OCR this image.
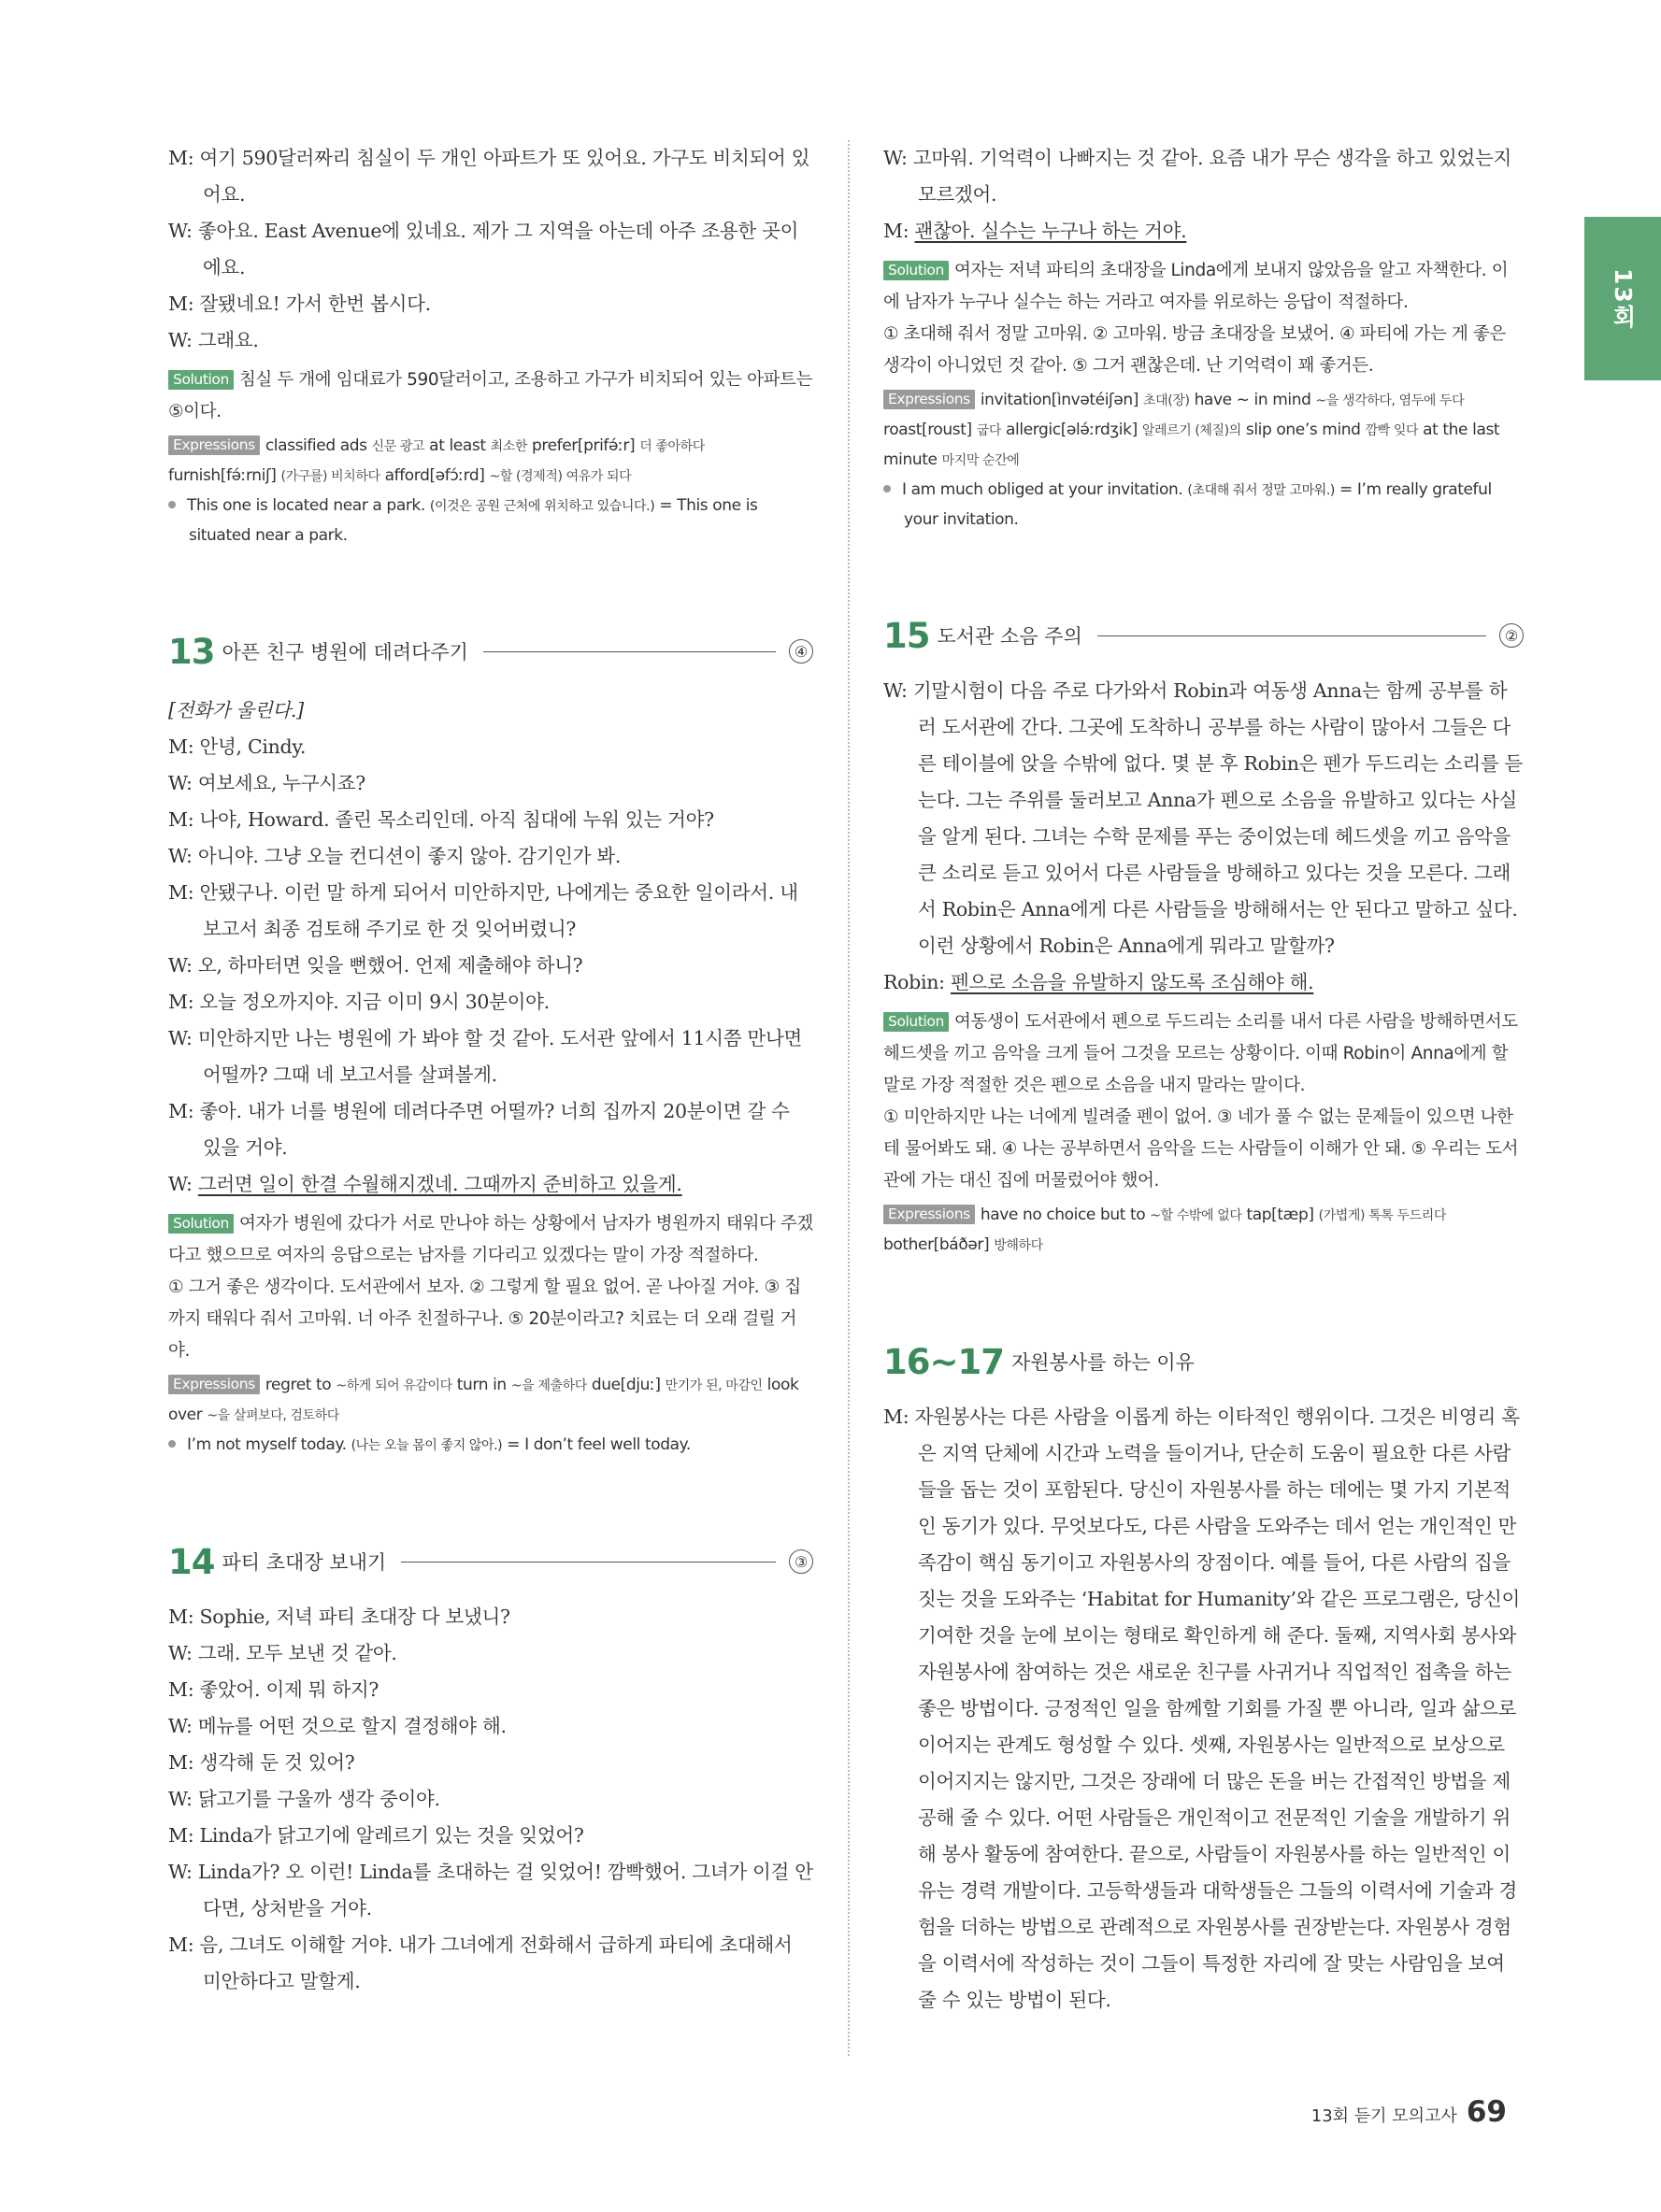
13회
M: 여기 590달러짜리 침실이 두 개인 아파트가 또 있어요. 가구도 비치되어 있어요.
W: 좋아요. East Avenue에 있네요. 제가 그 지역을 아는데 아주 조용한 곳이에요.
M: 잘됐네요! 가서 한번 봅시다.
W: 그래요.
Solution 침실 두 개에 임대료가 590달러이고, 조용하고 가구가 비치되어 있는 아파트는 ⑤이다.
Expressions classified ads 신문 광고 at least 최소한 prefer[prifə́ːr] 더 좋아하다 furnish[fə́ːrniʃ] (가구를) 비치하다 afford[əfɔ́ːrd] ~할 (경제적) 여유가 되다
This one is located near a park. (이것은 공원 근처에 위치하고 있습니다.) = This one is situated near a park.
13 아픈 친구 병원에 데려다주기	④
[전화가 울린다.]
M: 안녕, Cindy.
W: 여보세요, 누구시죠?
M: 나야, Howard. 졸린 목소리인데. 아직 침대에 누워 있는 거야?
W: 아니야. 그냥 오늘 컨디션이 좋지 않아. 감기인가 봐.
M: 안됐구나. 이런 말 하게 되어서 미안하지만, 나에게는 중요한 일이라서. 내 보고서 최종 검토해 주기로 한 것 잊어버렸니?
W: 오, 하마터면 잊을 뻔했어. 언제 제출해야 하니?
M: 오늘 정오까지야. 지금 이미 9시 30분이야.
W: 미안하지만 나는 병원에 가 봐야 할 것 같아. 도서관 앞에서 11시쯤 만나면 어떨까? 그때 네 보고서를 살펴볼게.
M: 좋아. 내가 너를 병원에 데려다주면 어떨까? 너희 집까지 20분이면 갈 수 있을 거야.
W: 그러면 일이 한결 수월해지겠네. 그때까지 준비하고 있을게.
Solution 여자가 병원에 갔다가 서로 만나야 하는 상황에서 남자가 병원까지 태워다 주겠다고 했으므로 여자의 응답으로는 남자를 기다리고 있겠다는 말이 가장 적절하다.
① 그거 좋은 생각이다. 도서관에서 보자. ② 그렇게 할 필요 없어. 곧 나아질 거야. ③ 집까지 태워다 줘서 고마워. 너 아주 친절하구나. ⑤ 20분이라고? 치료는 더 오래 걸릴 거야.
Expressions regret to ~하게 되어 유감이다 turn in ~을 제출하다 due[djuː] 만기가 된, 마감인 look over ~을 살펴보다, 검토하다
I’m not myself today. (나는 오늘 몸이 좋지 않아.) = I don’t feel well today.
14 파티 초대장 보내기	③
M: Sophie, 저녁 파티 초대장 다 보냈니?
W: 그래. 모두 보낸 것 같아.
M: 좋았어. 이제 뭐 하지?
W: 메뉴를 어떤 것으로 할지 결정해야 해.
M: 생각해 둔 것 있어?
W: 닭고기를 구울까 생각 중이야.
M: Linda가 닭고기에 알레르기 있는 것을 잊었어?
W: Linda가? 오 이런! Linda를 초대하는 걸 잊었어! 깜빡했어. 그녀가 이걸 안다면, 상처받을 거야.
M: 음, 그녀도 이해할 거야. 내가 그녀에게 전화해서 급하게 파티에 초대해서 미안하다고 말할게.
W: 고마워. 기억력이 나빠지는 것 같아. 요즘 내가 무슨 생각을 하고 있었는지 모르겠어.
M: 괜찮아. 실수는 누구나 하는 거야.
Solution 여자는 저녁 파티의 초대장을 Linda에게 보내지 않았음을 알고 자책한다. 이에 남자가 누구나 실수는 하는 거라고 여자를 위로하는 응답이 적절하다.
① 초대해 줘서 정말 고마워. ② 고마워. 방금 초대장을 보냈어. ④ 파티에 가는 게 좋은 생각이 아니었던 것 같아. ⑤ 그거 괜찮은데. 난 기억력이 꽤 좋거든.
Expressions invitation[ìnvətéiʃən] 초대(장) have ~ in mind ~을 생각하다, 염두에 두다 roast[roust] 굽다 allergic[ələ́ːrdʒik] 알레르기 (체질)의 slip one’s mind 깜빡 잊다 at the last minute 마지막 순간에
I am much obliged at your invitation. (초대해 줘서 정말 고마워.) = I’m really grateful your invitation.
15 도서관 소음 주의	②
W: 기말시험이 다음 주로 다가와서 Robin과 여동생 Anna는 함께 공부를 하러 도서관에 간다. 그곳에 도착하니 공부를 하는 사람이 많아서 그들은 다른 테이블에 앉을 수밖에 없다. 몇 분 후 Robin은 펜가 두드리는 소리를 듣는다. 그는 주위를 둘러보고 Anna가 펜으로 소음을 유발하고 있다는 사실을 알게 된다. 그녀는 수학 문제를 푸는 중이었는데 헤드셋을 끼고 음악을 큰 소리로 듣고 있어서 다른 사람들을 방해하고 있다는 것을 모른다. 그래서 Robin은 Anna에게 다른 사람들을 방해해서는 안 된다고 말하고 싶다. 이런 상황에서 Robin은 Anna에게 뭐라고 말할까?
Robin: 펜으로 소음을 유발하지 않도록 조심해야 해.
Solution 여동생이 도서관에서 펜으로 두드리는 소리를 내서 다른 사람을 방해하면서도 헤드셋을 끼고 음악을 크게 들어 그것을 모르는 상황이다. 이때 Robin이 Anna에게 할 말로 가장 적절한 것은 펜으로 소음을 내지 말라는 말이다.
① 미안하지만 나는 너에게 빌려줄 펜이 없어. ③ 네가 풀 수 없는 문제들이 있으면 나한테 물어봐도 돼. ④ 나는 공부하면서 음악을 드는 사람들이 이해가 안 돼. ⑤ 우리는 도서관에 가는 대신 집에 머물렀어야 했어.
Expressions have no choice but to ~할 수밖에 없다 tap[tæp] (가볍게) 톡톡 두드리다 bother[báðər] 방해하다
16~17 자원봉사를 하는 이유
M: 자원봉사는 다른 사람을 이롭게 하는 이타적인 행위이다. 그것은 비영리 혹은 지역 단체에 시간과 노력을 들이거나, 단순히 도움이 필요한 다른 사람들을 돕는 것이 포함된다. 당신이 자원봉사를 하는 데에는 몇 가지 기본적인 동기가 있다. 무엇보다도, 다른 사람을 도와주는 데서 얻는 개인적인 만족감이 핵심 동기이고 자원봉사의 장점이다. 예를 들어, 다른 사람의 집을 짓는 것을 도와주는 ‘Habitat for Humanity’와 같은 프로그램은, 당신이 기여한 것을 눈에 보이는 형태로 확인하게 해 준다. 둘째, 지역사회 봉사와 자원봉사에 참여하는 것은 새로운 친구를 사귀거나 직업적인 접촉을 하는 좋은 방법이다. 긍정적인 일을 함께할 기회를 가질 뿐 아니라, 일과 삶으로 이어지는 관계도 형성할 수 있다. 셋째, 자원봉사는 일반적으로 보상으로 이어지지는 않지만, 그것은 장래에 더 많은 돈을 버는 간접적인 방법을 제공해 줄 수 있다. 어떤 사람들은 개인적이고 전문적인 기술을 개발하기 위해 봉사 활동에 참여한다. 끝으로, 사람들이 자원봉사를 하는 일반적인 이유는 경력 개발이다. 고등학생들과 대학생들은 그들의 이력서에 기술과 경험을 더하는 방법으로 관례적으로 자원봉사를 권장받는다. 자원봉사 경험을 이력서에 작성하는 것이 그들이 특정한 자리에 잘 맞는 사람임을 보여 줄 수 있는 방법이 된다.
13회 듣기 모의고사 69
